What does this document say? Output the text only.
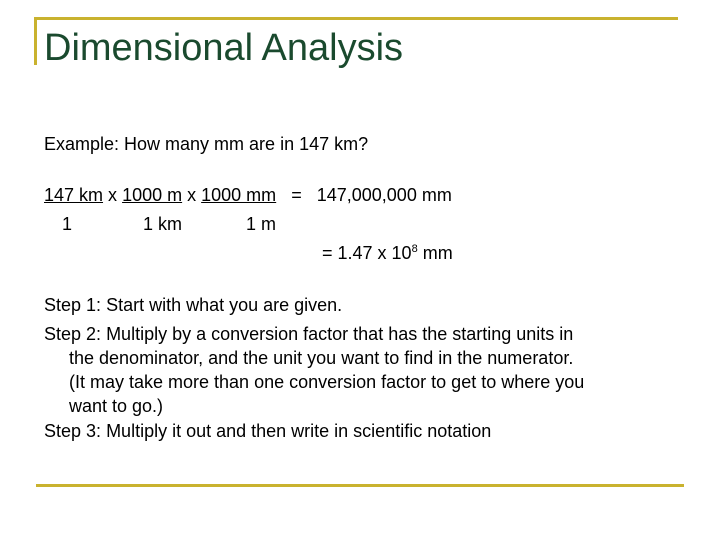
Dimensional Analysis
Example: How many mm are in 147 km?
147 km x 1000 m x 1000 mm = 147,000,000 mm
1	1 km	1 m
= 1.47 x $10^8$ mm
Step 1: Start with what you are given.
Step 2: Multiply by a conversion factor that has the starting units in
the denominator, and the unit you want to find in the numerator.
(It may take more than one conversion factor to get to where you
want to go.)
Step 3: Multiply it out and then write in scientific notation
